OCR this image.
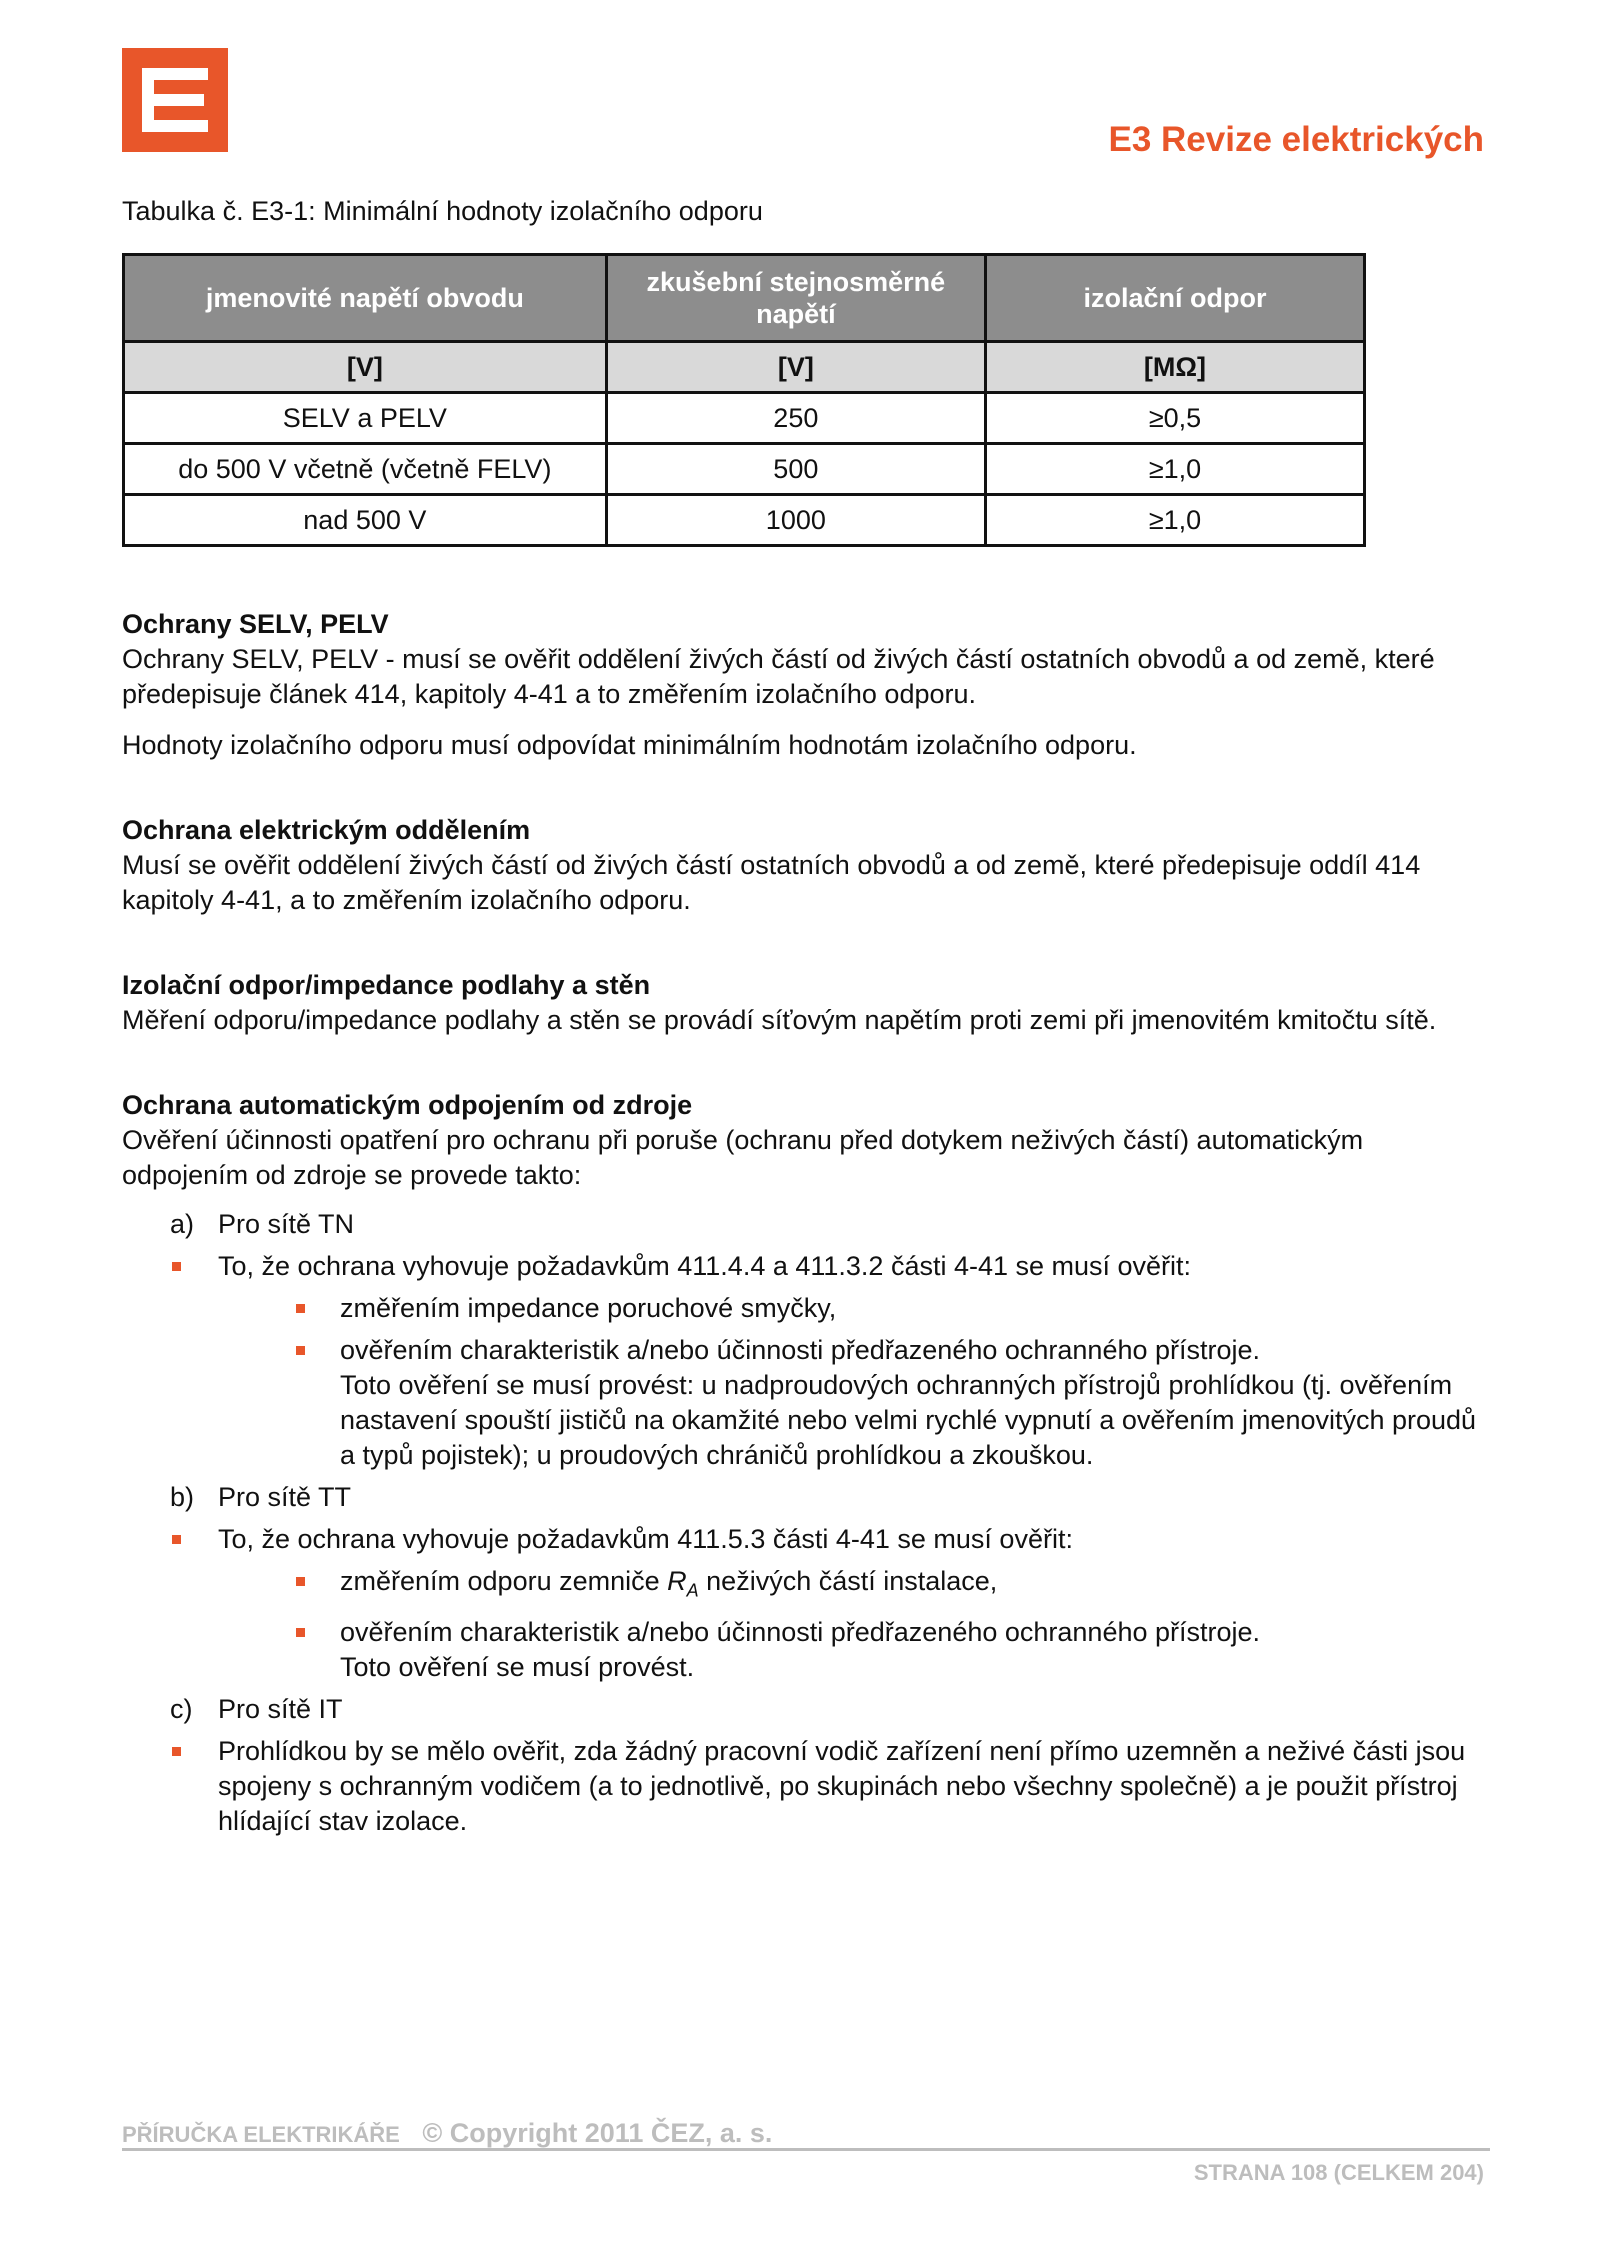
E3 Revize elektrických

Tabulka č. E3-1: Minimální hodnoty izolačního odporu

jmenovité napětí obvodu	zkušební stejnosměrné napětí	izolační odpor
[V]	[V]	[MΩ]
SELV a PELV	250	≥0,5
do 500 V včetně (včetně FELV)	500	≥1,0
nad 500 V	1000	≥1,0

Ochrany SELV, PELV

Ochrany SELV, PELV - musí se ověřit oddělení živých částí od živých částí ostatních obvodů a od země, které předepisuje článek 414, kapitoly 4-41 a to změřením izolačního odporu.

Hodnoty izolačního odporu musí odpovídat minimálním hodnotám izolačního odporu.

Ochrana elektrickým oddělením

Musí se ověřit oddělení živých částí od živých částí ostatních obvodů a od země, které předepisuje oddíl 414 kapitoly 4-41, a to změřením izolačního odporu.

Izolační odpor/impedance podlahy a stěn

Měření odporu/impedance podlahy a stěn se provádí síťovým napětím proti zemi při jmenovitém kmitočtu sítě.

Ochrana automatickým odpojením od zdroje

Ověření účinnosti opatření pro ochranu při poruše (ochranu před dotykem neživých částí) automatickým odpojením od zdroje se provede takto:

a) Pro sítě TN
To, že ochrana vyhovuje požadavkům 411.4.4 a 411.3.2 části 4-41 se musí ověřit:
změřením impedance poruchové smyčky,
ověřením charakteristik a/nebo účinnosti předřazeného ochranného přístroje.
Toto ověření se musí provést: u nadproudových ochranných přístrojů prohlídkou (tj. ověřením nastavení spouští jističů na okamžité nebo velmi rychlé vypnutí a ověřením jmenovitých proudů a typů pojistek); u proudových chráničů prohlídkou a zkouškou.
b) Pro sítě TT
To, že ochrana vyhovuje požadavkům 411.5.3 části 4-41 se musí ověřit:
změřením odporu zemniče $R_A$ neživých částí instalace,
ověřením charakteristik a/nebo účinnosti předřazeného ochranného přístroje.
Toto ověření se musí provést.
c) Pro sítě IT
Prohlídkou by se mělo ověřit, zda žádný pracovní vodič zařízení není přímo uzemněn a neživé části jsou spojeny s ochranným vodičem (a to jednotlivě, po skupinách nebo všechny společně) a je použit přístroj hlídající stav izolace.
PŘÍRUČKA ELEKTRIKÁŘE © Copyright 2011 ČEZ, a. s.
STRANA 108 (CELKEM 204)
